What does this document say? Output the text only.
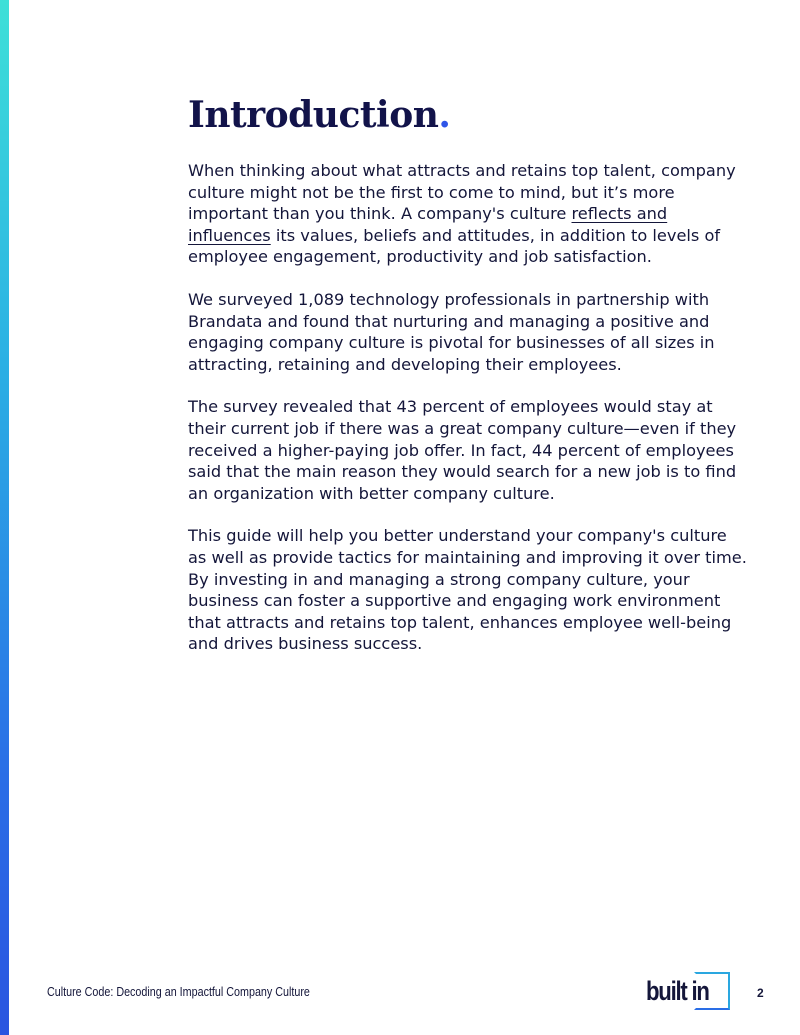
Introduction.

When thinking about what attracts and retains top talent, company culture might not be the first to come to mind, but it’s more important than you think. A company's culture reflects and influences its values, beliefs and attitudes, in addition to levels of employee engagement, productivity and job satisfaction.

We surveyed 1,089 technology professionals in partnership with Brandata and found that nurturing and managing a positive and engaging company culture is pivotal for businesses of all sizes in attracting, retaining and developing their employees.

The survey revealed that 43 percent of employees would stay at their current job if there was a great company culture—even if they received a higher-paying job offer. In fact, 44 percent of employees said that the main reason they would search for a new job is to find an organization with better company culture.

This guide will help you better understand your company's culture as well as provide tactics for maintaining and improving it over time. By investing in and managing a strong company culture, your business can foster a supportive and engaging work environment that attracts and retains top talent, enhances employee well-being and drives business success.

Culture Code: Decoding an Impactful Company Culture	built in	2
